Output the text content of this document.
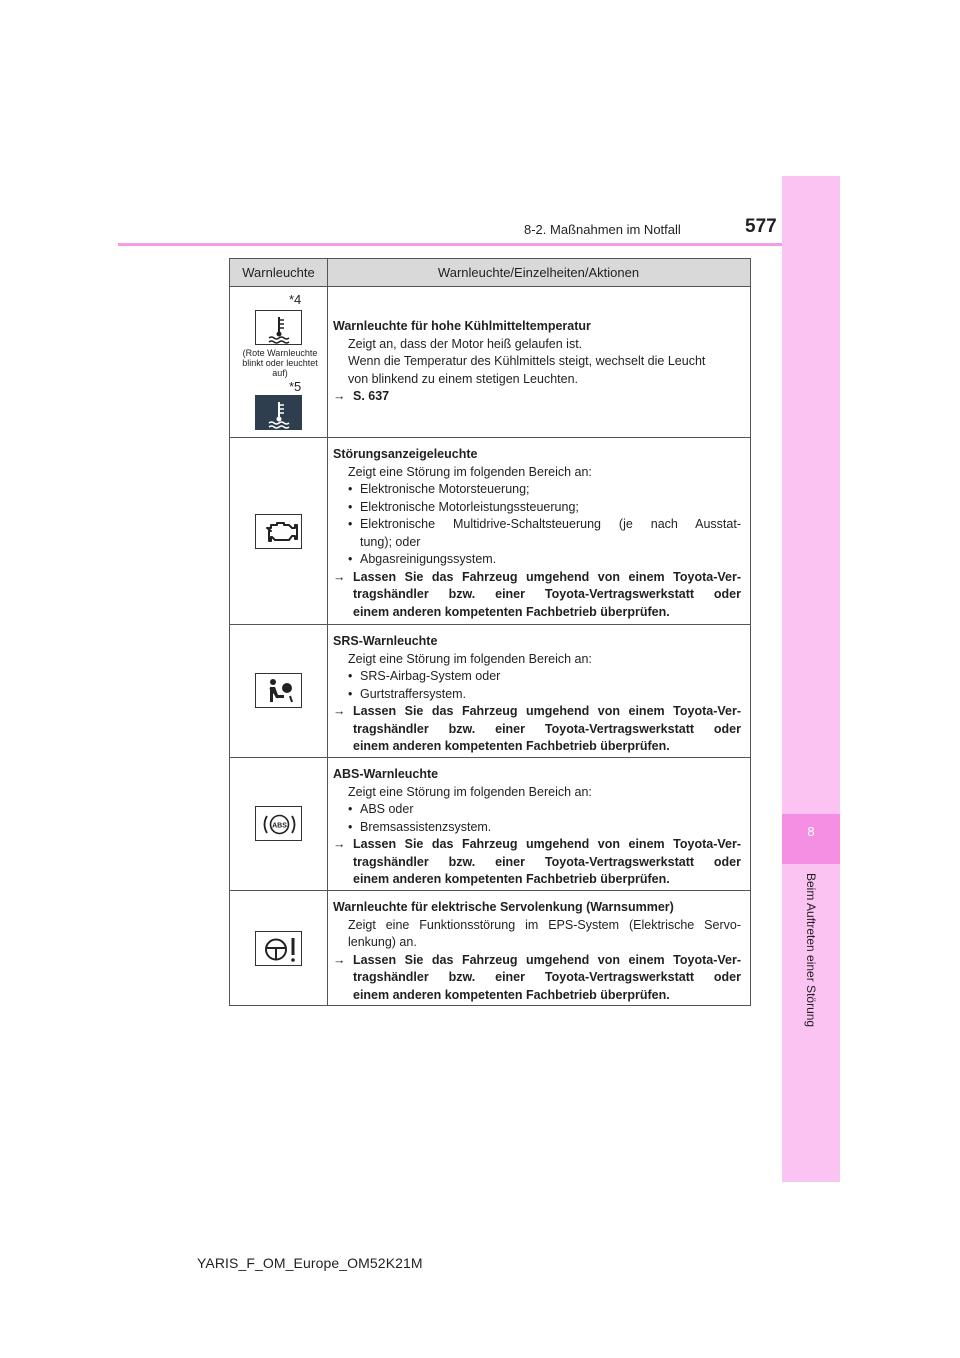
8
Beim Auftreten einer Störung
8-2. Maßnahmen im Notfall	577
Warnleuchte	Warnleuchte/Einzelheiten/Aktionen
*4
(Rote Warnleuchte blinkt oder leuchtet auf)
*5
Warnleuchte für hohe Kühlmitteltemperatur
Zeigt an, dass der Motor heiß gelaufen ist.
Wenn die Temperatur des Kühlmittels steigt, wechselt die Leucht
von blinkend zu einem stetigen Leuchten.
→ S. 637
Störungsanzeigeleuchte
Zeigt eine Störung im folgenden Bereich an:
• Elektronische Motorsteuerung;
• Elektronische Motorleistungssteuerung;
• Elektronische Multidrive-Schaltsteuerung (je nach Ausstat-
tung); oder
• Abgasreinigungssystem.
→ Lassen Sie das Fahrzeug umgehend von einem Toyota-Ver-
tragshändler bzw. einer Toyota-Vertragswerkstatt oder
einem anderen kompetenten Fachbetrieb überprüfen.
SRS-Warnleuchte
Zeigt eine Störung im folgenden Bereich an:
• SRS-Airbag-System oder
• Gurtstraffersystem.
→ Lassen Sie das Fahrzeug umgehend von einem Toyota-Ver-
tragshändler bzw. einer Toyota-Vertragswerkstatt oder
einem anderen kompetenten Fachbetrieb überprüfen.
ABS
ABS-Warnleuchte
Zeigt eine Störung im folgenden Bereich an:
• ABS oder
• Bremsassistenzsystem.
→ Lassen Sie das Fahrzeug umgehend von einem Toyota-Ver-
tragshändler bzw. einer Toyota-Vertragswerkstatt oder
einem anderen kompetenten Fachbetrieb überprüfen.
Warnleuchte für elektrische Servolenkung (Warnsummer)
Zeigt eine Funktionsstörung im EPS-System (Elektrische Servo-
lenkung) an.
→ Lassen Sie das Fahrzeug umgehend von einem Toyota-Ver-
tragshändler bzw. einer Toyota-Vertragswerkstatt oder
einem anderen kompetenten Fachbetrieb überprüfen.
YARIS_F_OM_Europe_OM52K21M
